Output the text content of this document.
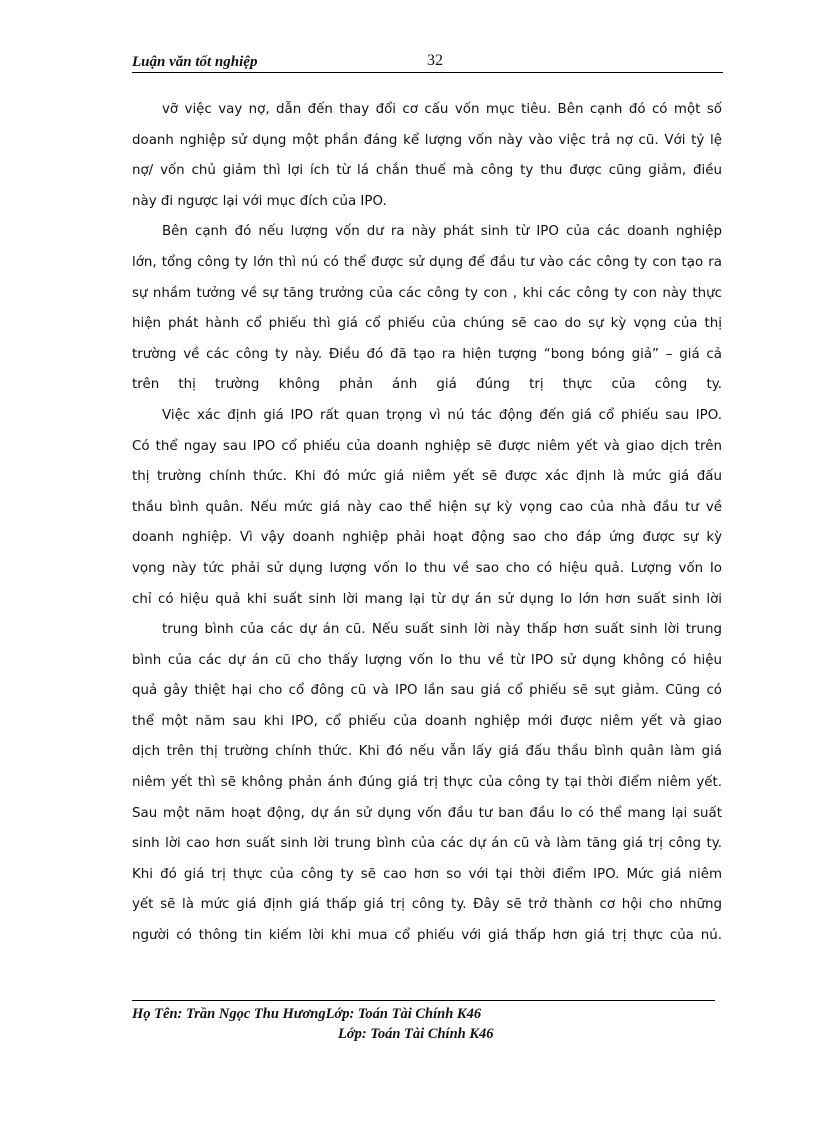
Luận văn tốt nghiệp	32
vỡ việc vay nợ, dẫn đến thay đổi cơ cấu vốn mục tiêu. Bên cạnh đó có một số
doanh nghiệp sử dụng một phần đáng kể lượng vốn này vào việc trả nợ cũ. Với tỷ lệ
nợ/ vốn chủ giảm thì lợi ích từ lá chắn thuế mà công ty thu được cũng giảm, điều
này đi ngược lại với mục đích của IPO.
Bên cạnh đó nếu lượng vốn dư ra này phát sinh từ IPO của các doanh nghiệp
lớn, tổng công ty lớn thì nú có thể được sử dụng để đầu tư vào các công ty con tạo ra
sự nhầm tưởng về sự tăng trưởng của các công ty con , khi các công ty con này thực
hiện phát hành cổ phiếu thì giá cổ phiếu của chúng sẽ cao do sự kỳ vọng của thị
trường về các công ty này. Điều đó đã tạo ra hiện tượng “bong bóng giả” – giá cả
trên thị trường không phản ánh giá đúng trị thực của công ty.
Việc xác định giá IPO rất quan trọng vì nú tác động đến giá cổ phiếu sau IPO.
Có thể ngay sau IPO cổ phiếu của doanh nghiệp sẽ được niêm yết và giao dịch trên
thị trường chính thức. Khi đó mức giá niêm yết sẽ được xác định là mức giá đấu
thầu bình quân. Nếu mức giá này cao thể hiện sự kỳ vọng cao của nhà đầu tư về
doanh nghiệp. Vì vậy doanh nghiệp phải hoạt động sao cho đáp ứng được sự kỳ
vọng này tức phải sử dụng lượng vốn Io thu về sao cho có hiệu quả. Lượng vốn Io
chỉ có hiệu quả khi suất sinh lời mang lại từ dự án sử dụng Io lớn hơn suất sinh lời
trung bình của các dự án cũ. Nếu suất sinh lời này thấp hơn suất sinh lời trung
bình của các dự án cũ cho thấy lượng vốn Io thu về từ IPO sử dụng không có hiệu
quả gây thiệt hại cho cổ đông cũ và IPO lần sau giá cổ phiếu sẽ sụt giảm. Cũng có
thể một năm sau khi IPO, cổ phiếu của doanh nghiệp mới được niêm yết và giao
dịch trên thị trường chính thức. Khi đó nếu vẫn lấy giá đấu thầu bình quân làm giá
niêm yết thì sẽ không phản ánh đúng giá trị thực của công ty tại thời điểm niêm yết.
Sau một năm hoạt động, dự án sử dụng vốn đầu tư ban đầu Io có thể mang lại suất
sinh lời cao hơn suất sinh lời trung bình của các dự án cũ và làm tăng giá trị công ty.
Khi đó giá trị thực của công ty sẽ cao hơn so với tại thời điểm IPO. Mức giá niêm
yết sẽ là mức giá định giá thấp giá trị công ty. Đây sẽ trở thành cơ hội cho những
người có thông tin kiếm lời khi mua cổ phiếu với giá thấp hơn giá trị thực của nú.
Họ Tên: Trần Ngọc Thu HươngLớp: Toán Tài Chính K46
Lớp: Toán Tài Chính K46
